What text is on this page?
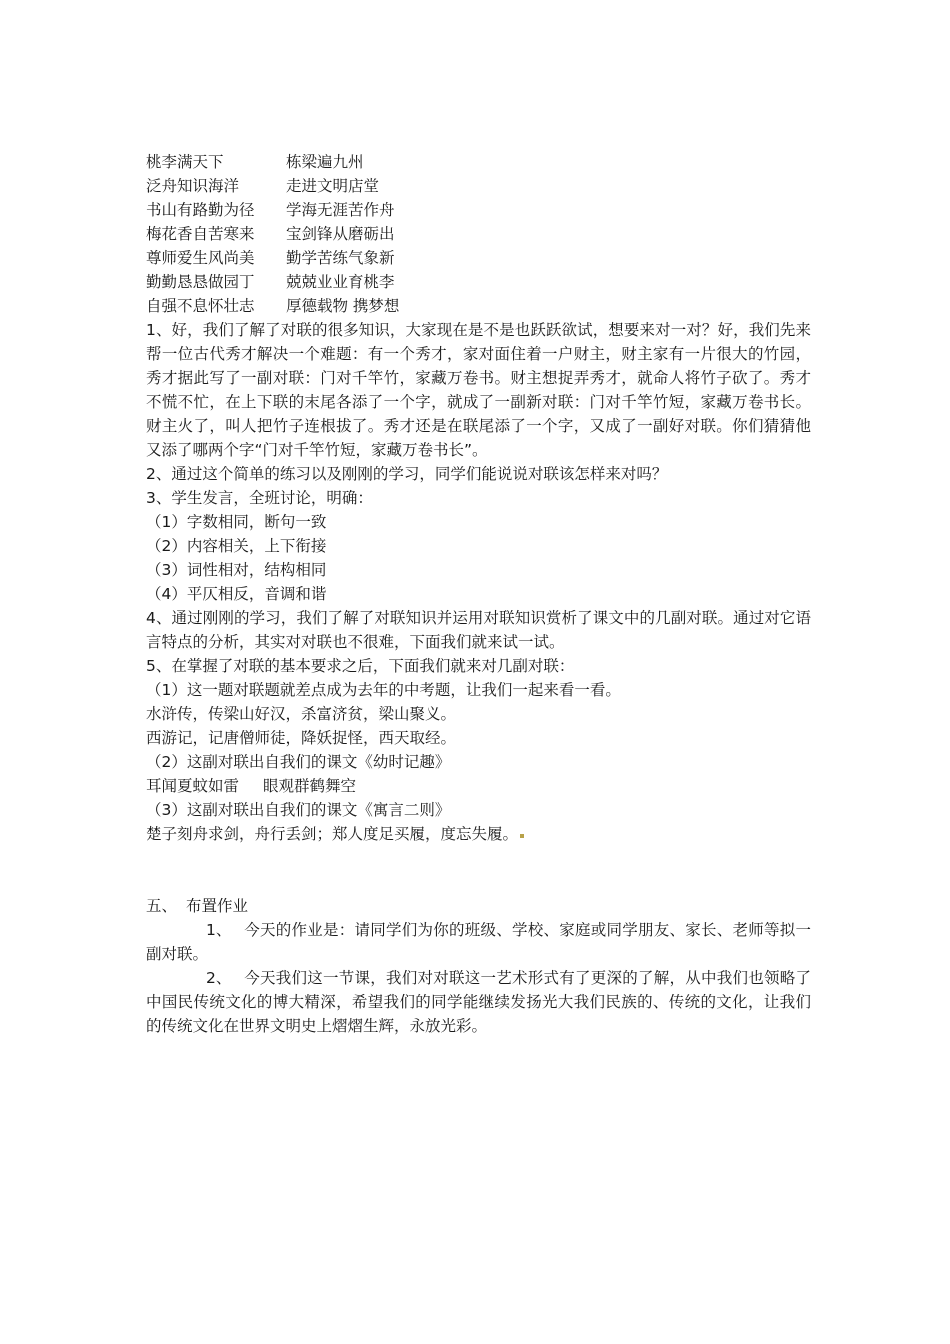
桃李满天下	栋梁遍九州
泛舟知识海洋	走进文明店堂
书山有路勤为径	学海无涯苦作舟
梅花香自苦寒来	宝剑锋从磨砺出
尊师爱生风尚美	勤学苦练气象新
勤勤恳恳做园丁	兢兢业业育桃李
自强不息怀壮志	厚德载物 携梦想

1、好，我们了解了对联的很多知识，大家现在是不是也跃跃欲试，想要来对一对？好，我们先来帮一位古代秀才解决一个难题：有一个秀才，家对面住着一户财主，财主家有一片很大的竹园，秀才据此写了一副对联：门对千竿竹，家藏万卷书。财主想捉弄秀才，就命人将竹子砍了。秀才不慌不忙，在上下联的末尾各添了一个字，就成了一副新对联：门对千竿竹短，家藏万卷书长。财主火了，叫人把竹子连根拔了。秀才还是在联尾添了一个字，又成了一副好对联。你们猜猜他又添了哪两个字“门对千竿竹短，家藏万卷书长”。

2、通过这个简单的练习以及刚刚的学习，同学们能说说对联该怎样来对吗？

3、学生发言，全班讨论，明确：

（1）字数相同，断句一致

（2）内容相关，上下衔接

（3）词性相对，结构相同

（4）平仄相反，音调和谐

4、通过刚刚的学习，我们了解了对联知识并运用对联知识赏析了课文中的几副对联。通过对它语言特点的分析，其实对对联也不很难，下面我们就来试一试。

5、在掌握了对联的基本要求之后，下面我们就来对几副对联：

（1）这一题对联题就差点成为去年的中考题，让我们一起来看一看。

水浒传，传梁山好汉，杀富济贫，梁山聚义。

西游记，记唐僧师徒，降妖捉怪，西天取经。

（2）这副对联出自我们的课文《幼时记趣》

耳闻夏蚊如雷 眼观群鹤舞空

（3）这副对联出自我们的课文《寓言二则》

楚子刻舟求剑，舟行丢剑；郑人度足买履，度忘失履。

五、 布置作业

1、 今天的作业是：请同学们为你的班级、学校、家庭或同学朋友、家长、老师等拟一副对联。

2、 今天我们这一节课，我们对对联这一艺术形式有了更深的了解，从中我们也领略了中国民传统文化的博大精深，希望我们的同学能继续发扬光大我们民族的、传统的文化，让我们的传统文化在世界文明史上熠熠生辉，永放光彩。
